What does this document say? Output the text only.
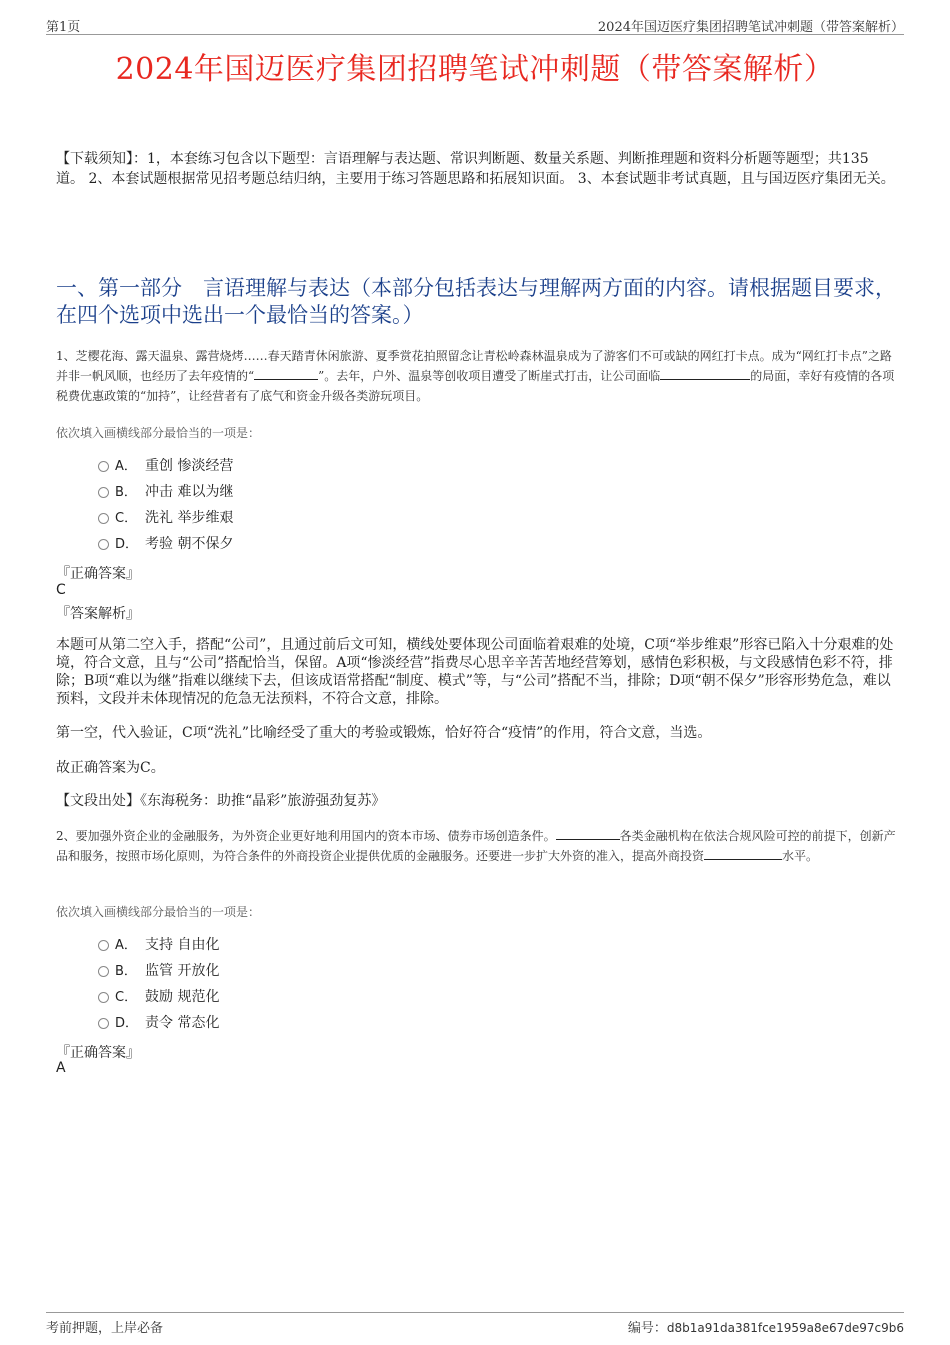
第1页	2024年国迈医疗集团招聘笔试冲刺题（带答案解析）
2024年国迈医疗集团招聘笔试冲刺题（带答案解析）
【下载须知】：1，本套练习包含以下题型：言语理解与表达题、常识判断题、数量关系题、判断推理题和资料分析题等题型；共135道。 2、本套试题根据常见招考题总结归纳，主要用于练习答题思路和拓展知识面。 3、本套试题非考试真题，且与国迈医疗集团无关。
一、第一部分　言语理解与表达（本部分包括表达与理解两方面的内容。请根据题目要求，在四个选项中选出一个最恰当的答案。）
1、芝樱花海、露天温泉、露营烧烤……春天踏青休闲旅游、夏季赏花拍照留念让青松岭森林温泉成为了游客们不可或缺的网红打卡点。成为“网红打卡点”之路并非一帆风顺，也经历了去年疫情的“	”。去年，户外、温泉等创收项目遭受了断崖式打击，让公司面临	的局面，幸好有疫情的各项税费优惠政策的“加持”，让经营者有了底气和资金升级各类游玩项目。
依次填入画横线部分最恰当的一项是：
A． 重创 惨淡经营
B． 冲击 难以为继
C． 洗礼 举步维艰
D． 考验 朝不保夕
『正确答案』
C
『答案解析』
本题可从第二空入手，搭配“公司”，且通过前后文可知，横线处要体现公司面临着艰难的处境，C项“举步维艰”形容已陷入十分艰难的处境，符合文意，且与“公司”搭配恰当，保留。A项“惨淡经营”指费尽心思辛辛苦苦地经营筹划，感情色彩积极，与文段感情色彩不符，排除；B项“难以为继”指难以继续下去，但该成语常搭配“制度、模式”等，与“公司”搭配不当，排除；D项“朝不保夕”形容形势危急，难以预料，文段并未体现情况的危急无法预料，不符合文意，排除。
第一空，代入验证，C项“洗礼”比喻经受了重大的考验或锻炼，恰好符合“疫情”的作用，符合文意，当选。
故正确答案为C。
【文段出处】《东海税务：助推“晶彩”旅游强劲复苏》
2、要加强外资企业的金融服务，为外资企业更好地利用国内的资本市场、债券市场创造条件。	各类金融机构在依法合规风险可控的前提下，创新产品和服务，按照市场化原则，为符合条件的外商投资企业提供优质的金融服务。还要进一步扩大外资的准入，提高外商投资	水平。
依次填入画横线部分最恰当的一项是：
A． 支持 自由化
B． 监管 开放化
C． 鼓励 规范化
D． 责令 常态化
『正确答案』
A
考前押题，上岸必备	编号：d8b1a91da381fce1959a8e67de97c9b6
